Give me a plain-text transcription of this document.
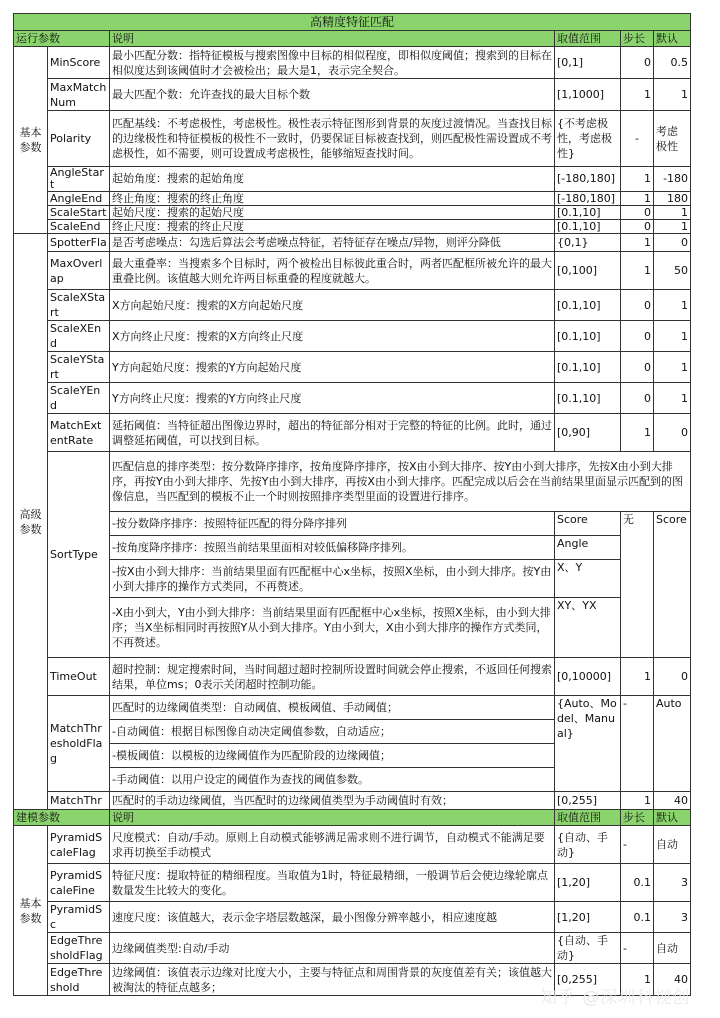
高精度特征匹配					
运行参数		说明	取值范围	步长	默认
基本参数	MinScore	最小匹配分数：指特征模板与搜索图像中目标的相似程度，即相似度阈值；搜索到的目标在相似度达到该阈值时才会被检出；最大是1，表示完全契合。	[0,1]	0	0.5
	MaxMatchNum	最大匹配个数：允许查找的最大目标个数	[1,1000]	1	1
	Polarity	匹配基线：不考虑极性，考虑极性。极性表示特征图形到背景的灰度过渡情况。当查找目标的边缘极性和特征模板的极性不一致时，仍要保证目标被查找到，则匹配极性需设置成不考虑极性，如不需要，则可设置成考虑极性，能够缩短查找时间。	{不考虑极性，考虑极性}	-	考虑极性
	AngleStart	起始角度：搜索的起始角度	[-180,180]	1	-180
	AngleEnd	终止角度：搜索的终止角度	[-180,180]	1	180
	ScaleStart	起始尺度：搜索的起始尺度	[0.1,10]	0	1
	ScaleEnd	终止尺度：搜索的终止尺度	[0.1,10]	0	1
高级参数	SpotterFla	是否考虑噪点：勾选后算法会考虑噪点特征，若特征存在噪点/异物，则评分降低	{0,1}	1	0
	MaxOverlap	最大重叠率：当搜索多个目标时，两个被检出目标彼此重合时，两者匹配框所被允许的最大重叠比例。该值越大则允许两目标重叠的程度就越大。	[0,100]	1	50
	ScaleXStart	X方向起始尺度：搜索的X方向起始尺度	[0.1,10]	0	1
	ScaleXEnd	X方向终止尺度：搜索的X方向终止尺度	[0.1,10]	0	1
	ScaleYStart	Y方向起始尺度：搜索的Y方向起始尺度	[0.1,10]	0	1
	ScaleYEnd	Y方向终止尺度：搜索的Y方向终止尺度	[0.1,10]	0	1
	MatchExtentRate	延拓阈值：当特征超出图像边界时，超出的特征部分相对于完整的特征的比例。此时，通过调整延拓阈值，可以找到目标。	[0,90]	1	0
	SortType	匹配信息的排序类型：按分数降序排序，按角度降序排序，按X由小到大排序、按Y由小到大排序，先按X由小到大排序，再按Y由小到大排序、先按Y由小到大排序，再按X由小到大排序。匹配完成以后会在当前结果里面显示匹配到的图像信息，当匹配到的模板不止一个时则按照排序类型里面的设置进行排序。			
		-按分数降序排序：按照特征匹配的得分降序排列	Score	无	Score
		-按角度降序排序：按照当前结果里面相对较低偏移降序排列。	Angle		
		-按X由小到大排序：当前结果里面有匹配框中心x坐标，按照X坐标，由小到大排序。按Y由小到大排序的操作方式类同，不再赘述。	X、Y		
		-X由小到大，Y由小到大排序：当前结果里面有匹配框中心x坐标，按照X坐标，由小到大排序；当X坐标相同时再按照Y从小到大排序。Y由小到大，X由小到大排序的操作方式类同，不再赘述。	XY、YX		
	TimeOut	超时控制：规定搜索时间，当时间超过超时控制所设置时间就会停止搜索，不返回任何搜索结果，单位ms；0表示关闭超时控制功能。	[0,10000]	1	0
	MatchThresholdFlag	匹配时的边缘阈值类型：自动阈值、模板阈值、手动阈值；	{Auto、Model、Manual}	-	Auto
		-自动阈值：根据目标图像自动决定阈值参数，自动适应；			
		-模板阈值：以模板的边缘阈值作为匹配阶段的边缘阈值；			
		-手动阈值：以用户设定的阈值作为查找的阈值参数。			
	MatchThr	匹配时的手动边缘阈值，当匹配时的边缘阈值类型为手动阈值时有效；	[0,255]	1	40
建模参数		说明	取值范围	步长	默认
基本参数	PyramidScaleFlag	尺度模式：自动/手动。原则上自动模式能够满足需求则不进行调节，自动模式不能满足要求再切换至手动模式	{自动、手动}	-	自动
	PyramidScaleFine	特征尺度：提取特征的精细程度。当取值为1时，特征最精细，一般调节后会使边缘轮廓点数量发生比较大的变化。	[1,20]	0.1	3
	PyramidSc	速度尺度：该值越大，表示金字塔层数越深，最小图像分辨率越小，相应速度越	[1,20]	0.1	3
	EdgeThresholdFlag	边缘阈值类型:自动/手动	{自动、手动}	-	自动
	EdgeThreshold	边缘阈值：该值表示边缘对比度大小，主要与特征点和周围背景的灰度值差有关；该值越大被淘汰的特征点越多；	[0,255]	1	40
知乎 @深圳科视创
